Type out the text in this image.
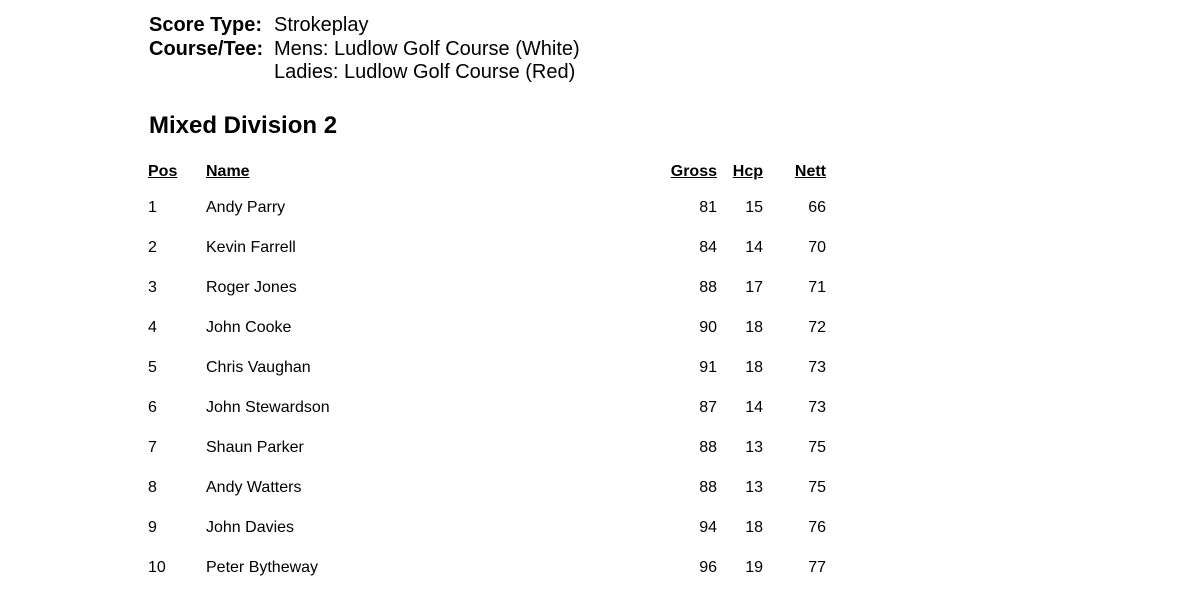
Score Type: Strokeplay
Course/Tee: Mens: Ludlow Golf Course (White)
Ladies: Ludlow Golf Course (Red)
Mixed Division 2
Pos Name	Gross Hcp Nett
1	Andy Parry	81 15	66
2	Kevin Farrell	84 14	70
3	Roger Jones	88 17	71
4	John Cooke	90 18	72
5	Chris Vaughan	91 18	73
6	John Stewardson	87 14	73
7	Shaun Parker	88 13	75
8	Andy Watters	88 13	75
9	John Davies	94 18	76
10	Peter Bytheway	96 19	77
